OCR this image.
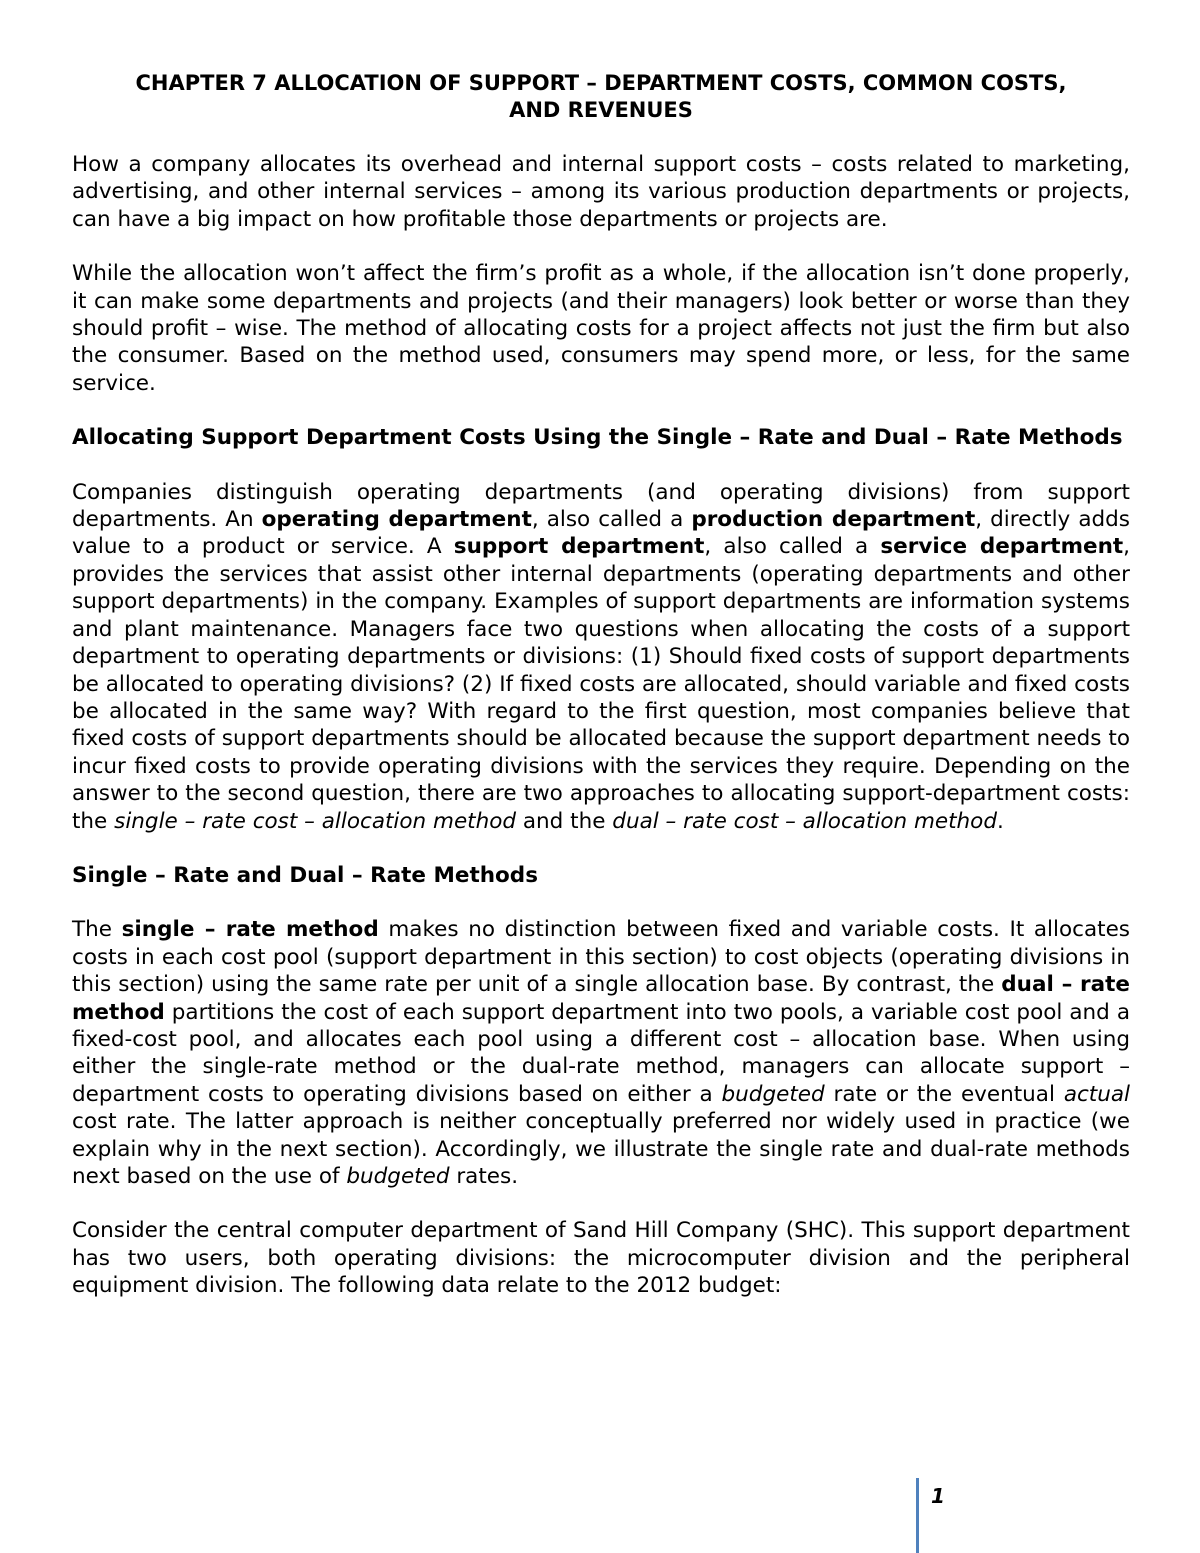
CHAPTER 7 ALLOCATION OF SUPPORT – DEPARTMENT COSTS, COMMON COSTS,
AND REVENUES

How a company allocates its overhead and internal support costs – costs related to marketing, advertising, and other internal services – among its various production departments or projects, can have a big impact on how profitable those departments or projects are.

While the allocation won’t affect the firm’s profit as a whole, if the allocation isn’t done properly, it can make some departments and projects (and their managers) look better or worse than they should profit – wise. The method of allocating costs for a project affects not just the firm but also the consumer. Based on the method used, consumers may spend more, or less, for the same service.

Allocating Support Department Costs Using the Single – Rate and Dual – Rate Methods

Companies distinguish operating departments (and operating divisions) from support departments. An operating department, also called a production department, directly adds value to a product or service. A support department, also called a service department, provides the services that assist other internal departments (operating departments and other support departments) in the company. Examples of support departments are information systems and plant maintenance. Managers face two questions when allocating the costs of a support department to operating departments or divisions: (1) Should fixed costs of support departments be allocated to operating divisions? (2) If fixed costs are allocated, should variable and fixed costs be allocated in the same way? With regard to the first question, most companies believe that fixed costs of support departments should be allocated because the support department needs to incur fixed costs to provide operating divisions with the services they require. Depending on the answer to the second question, there are two approaches to allocating support-department costs: the single – rate cost – allocation method and the dual – rate cost – allocation method.

Single – Rate and Dual – Rate Methods

The single – rate method makes no distinction between fixed and variable costs. It allocates costs in each cost pool (support department in this section) to cost objects (operating divisions in this section) using the same rate per unit of a single allocation base. By contrast, the dual – rate method partitions the cost of each support department into two pools, a variable cost pool and a fixed-cost pool, and allocates each pool using a different cost – allocation base. When using either the single-rate method or the dual-rate method, managers can allocate support – department costs to operating divisions based on either a budgeted rate or the eventual actual cost rate. The latter approach is neither conceptually preferred nor widely used in practice (we explain why in the next section). Accordingly, we illustrate the single rate and dual-rate methods next based on the use of budgeted rates.

Consider the central computer department of Sand Hill Company (SHC). This support department has two users, both operating divisions: the microcomputer division and the peripheral equipment division. The following data relate to the 2012 budget:

1
